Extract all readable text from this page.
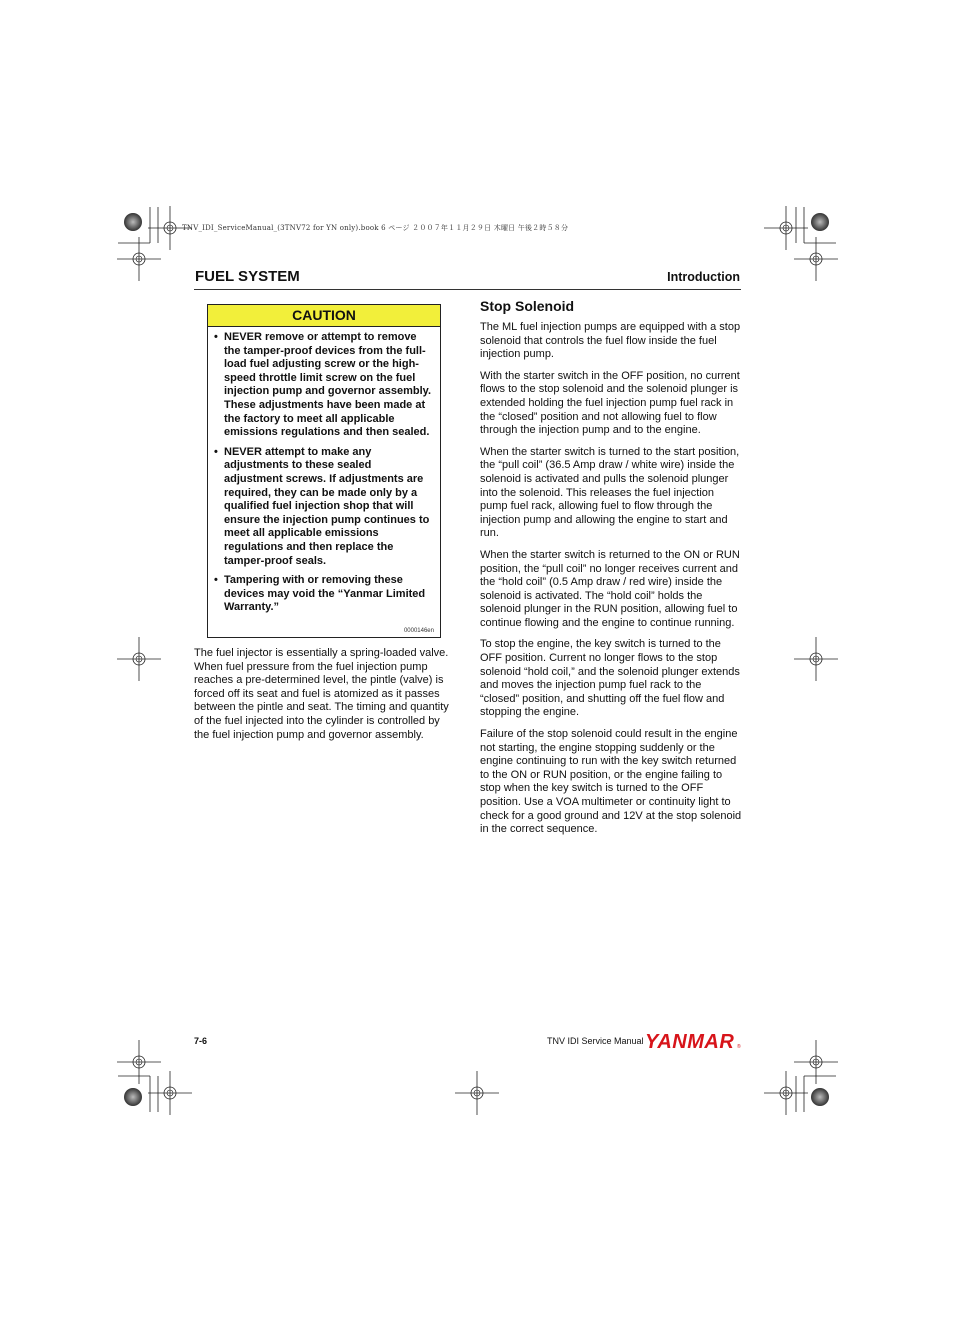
TNV_IDI_ServiceManual_(3TNV72 for YN only).book 6 ページ ２００７年１１月２９日 木曜日 午後２時５８分
FUEL SYSTEM	Introduction
CAUTION
• NEVER remove or attempt to remove the tamper-proof devices from the full-load fuel adjusting screw or the high-speed throttle limit screw on the fuel injection pump and governor assembly. These adjustments have been made at the factory to meet all applicable emissions regulations and then sealed.
• NEVER attempt to make any adjustments to these sealed adjustment screws. If adjustments are required, they can be made only by a qualified fuel injection shop that will ensure the injection pump continues to meet all applicable emissions regulations and then replace the tamper-proof seals.
• Tampering with or removing these devices may void the “Yanmar Limited Warranty.”
0000146en

The fuel injector is essentially a spring-loaded valve. When fuel pressure from the fuel injection pump reaches a pre-determined level, the pintle (valve) is forced off its seat and fuel is atomized as it passes between the pintle and seat. The timing and quantity of the fuel injected into the cylinder is controlled by the fuel injection pump and governor assembly.

Stop Solenoid

The ML fuel injection pumps are equipped with a stop solenoid that controls the fuel flow inside the fuel injection pump.

With the starter switch in the OFF position, no current flows to the stop solenoid and the solenoid plunger is extended holding the fuel injection pump fuel rack in the “closed” position and not allowing fuel to flow through the injection pump and to the engine.

When the starter switch is turned to the start position, the “pull coil” (36.5 Amp draw / white wire) inside the solenoid is activated and pulls the solenoid plunger into the solenoid. This releases the fuel injection pump fuel rack, allowing fuel to flow through the injection pump and allowing the engine to start and run.

When the starter switch is returned to the ON or RUN position, the “pull coil” no longer receives current and the “hold coil” (0.5 Amp draw / red wire) inside the solenoid is activated. The “hold coil” holds the solenoid plunger in the RUN position, allowing fuel to continue flowing and the engine to continue running.

To stop the engine, the key switch is turned to the OFF position. Current no longer flows to the stop solenoid “hold coil,” and the solenoid plunger extends and moves the injection pump fuel rack to the “closed” position, and shutting off the fuel flow and stopping the engine.

Failure of the stop solenoid could result in the engine not starting, the engine stopping suddenly or the engine continuing to run with the key switch returned to the ON or RUN position, or the engine failing to stop when the key switch is turned to the OFF position. Use a VOA multimeter or continuity light to check for a good ground and 12V at the stop solenoid in the correct sequence.

7-6	TNV IDI Service Manual YANMAR ®
